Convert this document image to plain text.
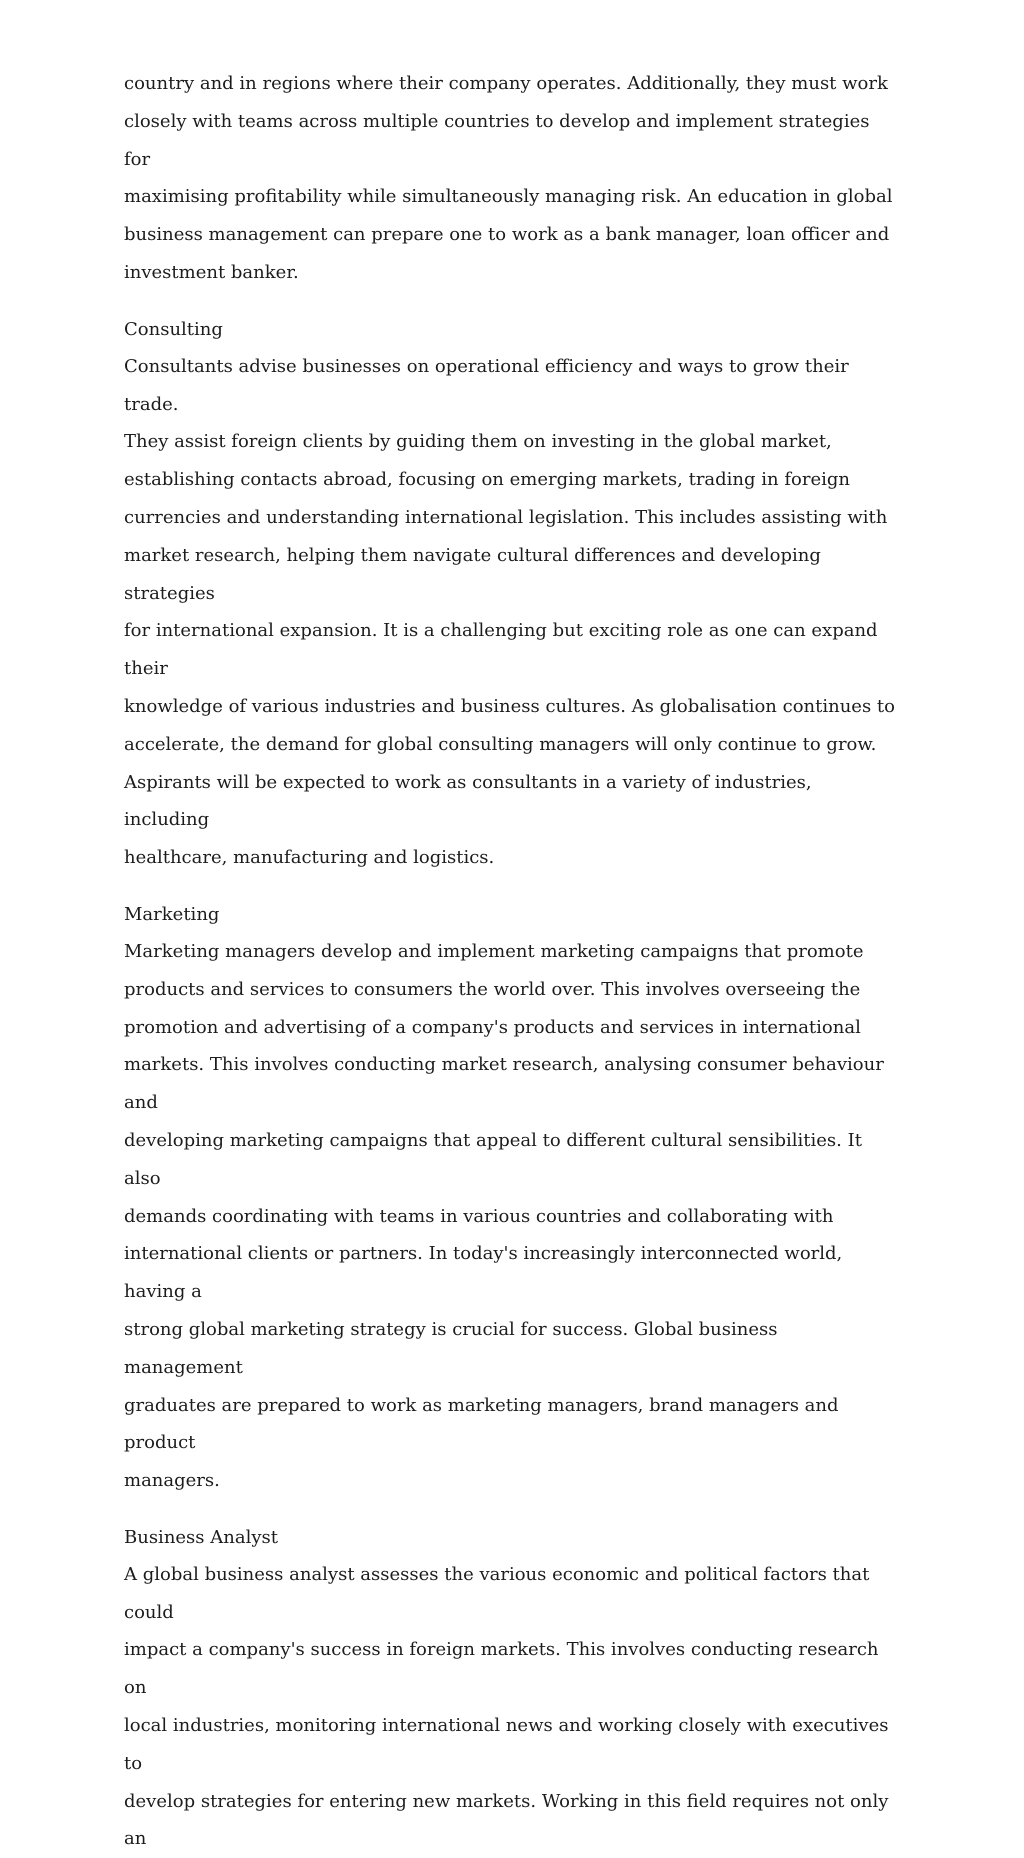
country and in regions where their company operates. Additionally, they must work
closely with teams across multiple countries to develop and implement strategies for
maximising profitability while simultaneously managing risk. An education in global
business management can prepare one to work as a bank manager, loan officer and
investment banker.
Consulting
Consultants advise businesses on operational efficiency and ways to grow their trade.
They assist foreign clients by guiding them on investing in the global market,
establishing contacts abroad, focusing on emerging markets, trading in foreign
currencies and understanding international legislation. This includes assisting with
market research, helping them navigate cultural differences and developing strategies
for international expansion. It is a challenging but exciting role as one can expand their
knowledge of various industries and business cultures. As globalisation continues to
accelerate, the demand for global consulting managers will only continue to grow.
Aspirants will be expected to work as consultants in a variety of industries, including
healthcare, manufacturing and logistics.
Marketing
Marketing managers develop and implement marketing campaigns that promote
products and services to consumers the world over. This involves overseeing the
promotion and advertising of a company's products and services in international
markets. This involves conducting market research, analysing consumer behaviour and
developing marketing campaigns that appeal to different cultural sensibilities. It also
demands coordinating with teams in various countries and collaborating with
international clients or partners. In today's increasingly interconnected world, having a
strong global marketing strategy is crucial for success. Global business management
graduates are prepared to work as marketing managers, brand managers and product
managers.
Business Analyst
A global business analyst assesses the various economic and political factors that could
impact a company's success in foreign markets. This involves conducting research on
local industries, monitoring international news and working closely with executives to
develop strategies for entering new markets. Working in this field requires not only an
